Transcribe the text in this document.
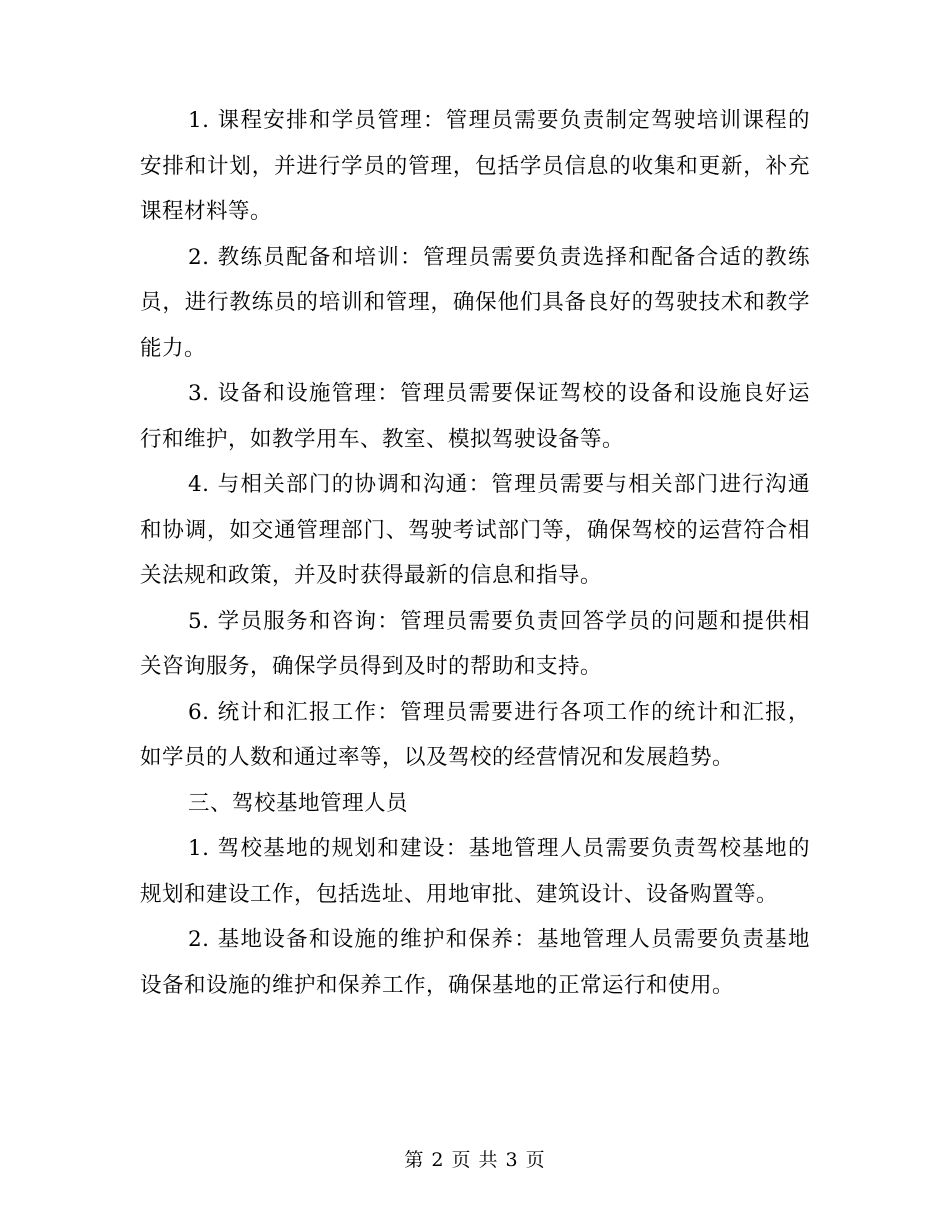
1. 课程安排和学员管理：管理员需要负责制定驾驶培训课程的安排和计划，并进行学员的管理，包括学员信息的收集和更新，补充课程材料等。

2. 教练员配备和培训：管理员需要负责选择和配备合适的教练员，进行教练员的培训和管理，确保他们具备良好的驾驶技术和教学能力。

3. 设备和设施管理：管理员需要保证驾校的设备和设施良好运行和维护，如教学用车、教室、模拟驾驶设备等。

4. 与相关部门的协调和沟通：管理员需要与相关部门进行沟通和协调，如交通管理部门、驾驶考试部门等，确保驾校的运营符合相关法规和政策，并及时获得最新的信息和指导。

5. 学员服务和咨询：管理员需要负责回答学员的问题和提供相关咨询服务，确保学员得到及时的帮助和支持。

6. 统计和汇报工作：管理员需要进行各项工作的统计和汇报，如学员的人数和通过率等，以及驾校的经营情况和发展趋势。

三、驾校基地管理人员

1. 驾校基地的规划和建设：基地管理人员需要负责驾校基地的规划和建设工作，包括选址、用地审批、建筑设计、设备购置等。

2. 基地设备和设施的维护和保养：基地管理人员需要负责基地设备和设施的维护和保养工作，确保基地的正常运行和使用。

第 2 页 共 3 页
